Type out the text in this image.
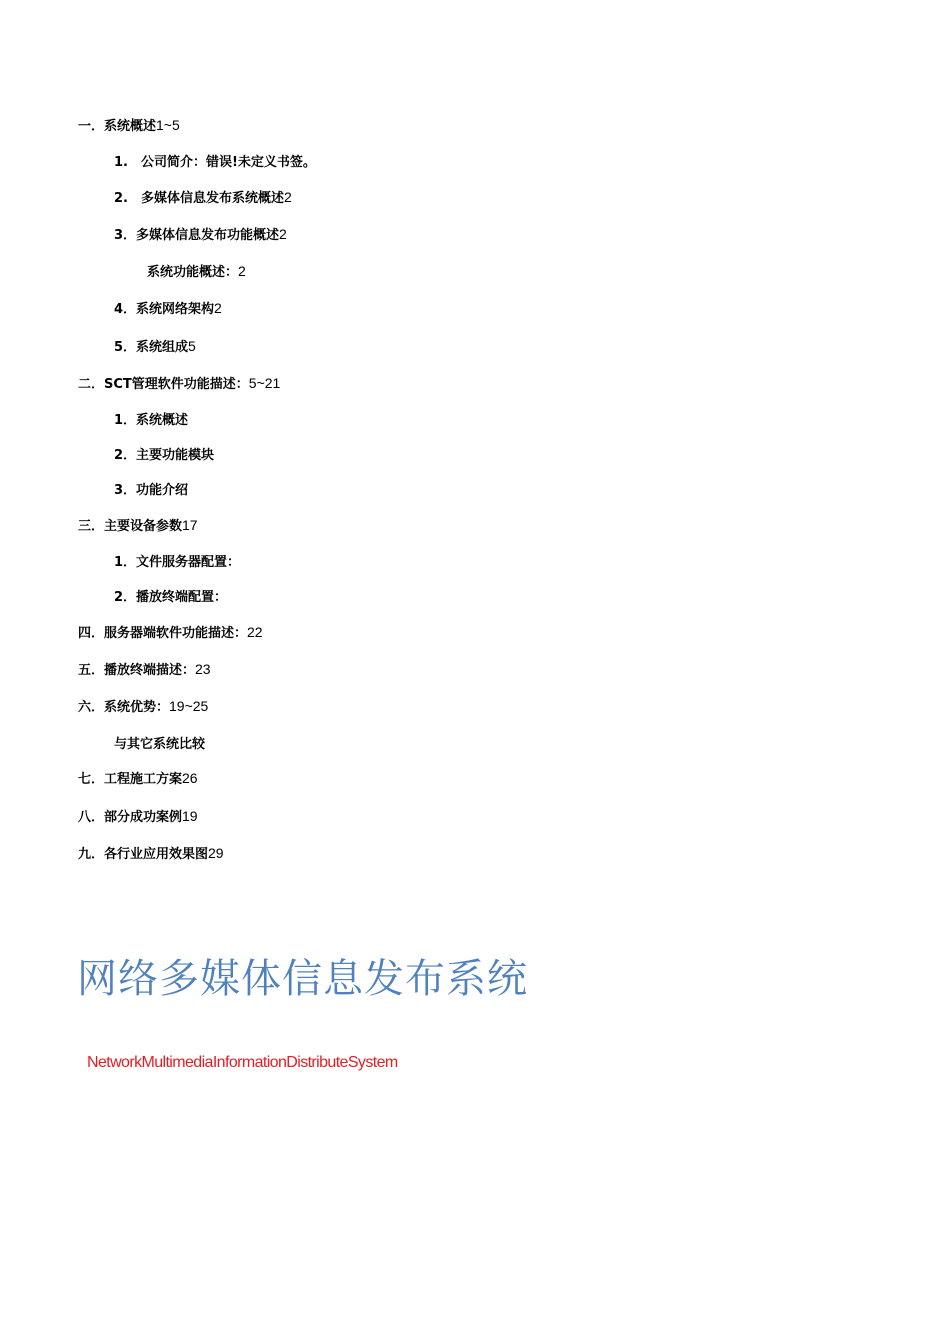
一．系统概述1~5
1.　公司简介：错误!未定义书签。
2.　多媒体信息发布系统概述2
3．多媒体信息发布功能概述2
系统功能概述：2
4．系统网络架构2
5．系统组成5
二．SCT管理软件功能描述：5~21
1．系统概述
2．主要功能模块
3．功能介绍
三．主要设备参数17
1．文件服务器配置：
2．播放终端配置：
四．服务器端软件功能描述：22
五．播放终端描述：23
六．系统优势：19~25
与其它系统比较
七．工程施工方案26
八．部分成功案例19
九．各行业应用效果图29
网络多媒体信息发布系统
NetworkMultimediaInformationDistributeSystem
